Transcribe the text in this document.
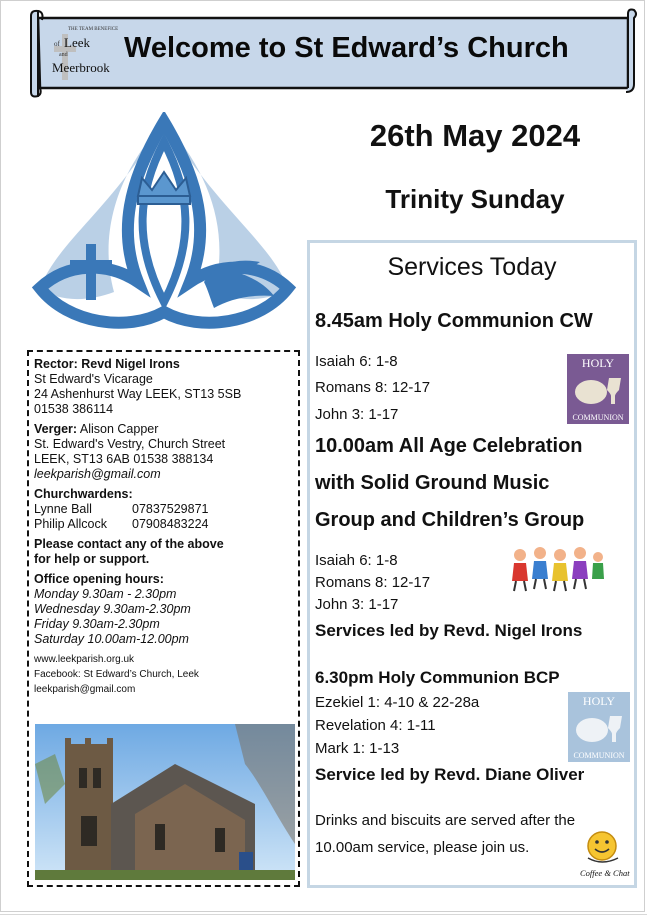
THE TEAM BENEFICE
of Leek
and
Meerbrook
Welcome to St Edward’s Church
26th May 2024
Trinity Sunday
Rector: Revd Nigel Irons
St Edward's Vicarage
24 Ashenhurst Way LEEK, ST13 5SB
01538 386114
Verger: Alison Capper
St. Edward's Vestry, Church Street
LEEK, ST13 6AB 01538 388134
leekparish@gmail.com
Churchwardens:
Lynne Ball	07837529871
Philip Allcock 07908483224
Please contact any of the above
for help or support.
Office opening hours:
Monday 9.30am - 2.30pm
Wednesday 9.30am-2.30pm
Friday 9.30am-2.30pm
Saturday 10.00am-12.00pm
www.leekparish.org.uk
Facebook: St Edward’s Church, Leek
leekparish@gmail.com
Services Today
8.45am Holy Communion CW
Isaiah 6: 1-8
Romans 8: 12-17
John 3: 1-17
HOLY
COMMUNION
10.00am All Age Celebration
with Solid Ground Music
Group and Children’s Group
Isaiah 6: 1-8
Romans 8: 12-17
John 3: 1-17
Services led by Revd. Nigel Irons
6.30pm Holy Communion BCP
Ezekiel 1: 4-10 & 22-28a
Revelation 4: 1-11
Mark 1: 1-13
Service led by Revd. Diane Oliver
HOLY
COMMUNION
Drinks and biscuits are served after the
10.00am service, please join us.
Coffee & Chat
